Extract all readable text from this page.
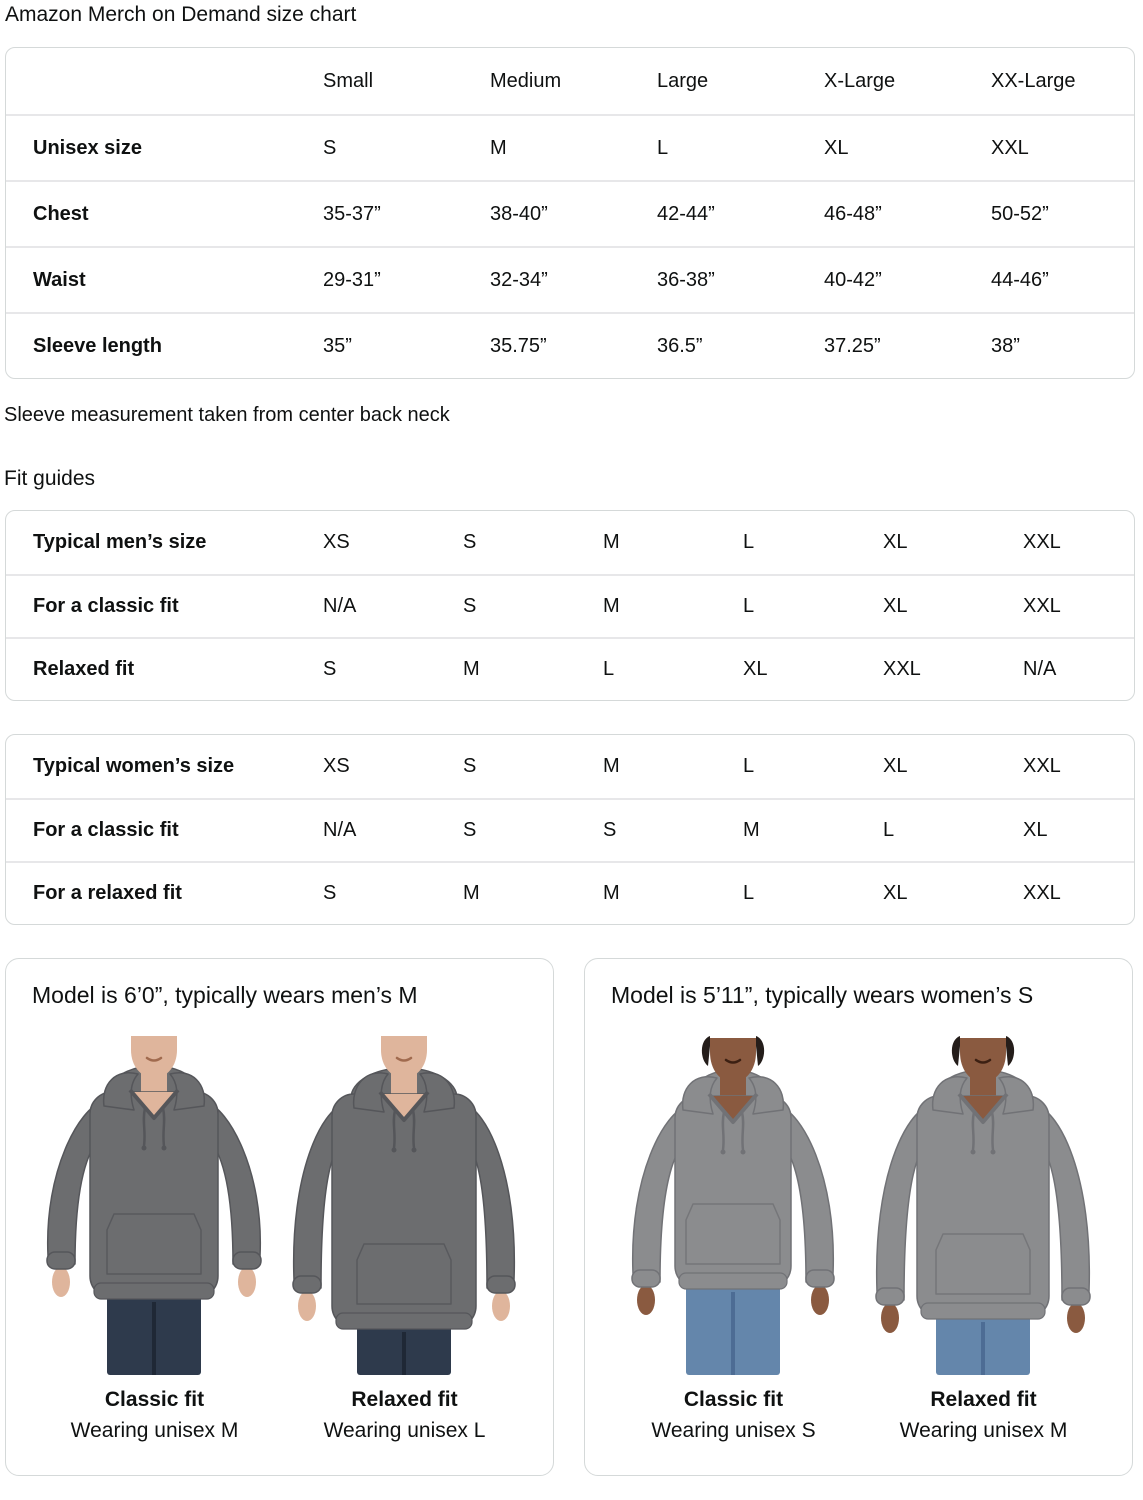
Amazon Merch on Demand size chart
	Small	Medium	Large	X-Large	XX-Large
Unisex size	S	M	L	XL	XXL
Chest	35-37”	38-40”	42-44”	46-48”	50-52”
Waist	29-31”	32-34”	36-38”	40-42”	44-46”
Sleeve length	35”	35.75”	36.5”	37.25”	38”

Sleeve measurement taken from center back neck

Fit guides
Typical men’s size	XS	S	M	L	XL	XXL
For a classic fit	N/A	S	M	L	XL	XXL
Relaxed fit	S	M	L	XL	XXL	N/A
Typical women’s size	XS	S	M	L	XL	XXL
For a classic fit	N/A	S	S	M	L	XL
For a relaxed fit	S	M	M	L	XL	XXL
Model is 6’0”, typically wears men’s M
Classic fit
Wearing unisex M
Relaxed fit
Wearing unisex L
Model is 5’11”, typically wears women’s S
Classic fit
Wearing unisex S
Relaxed fit
Wearing unisex M
